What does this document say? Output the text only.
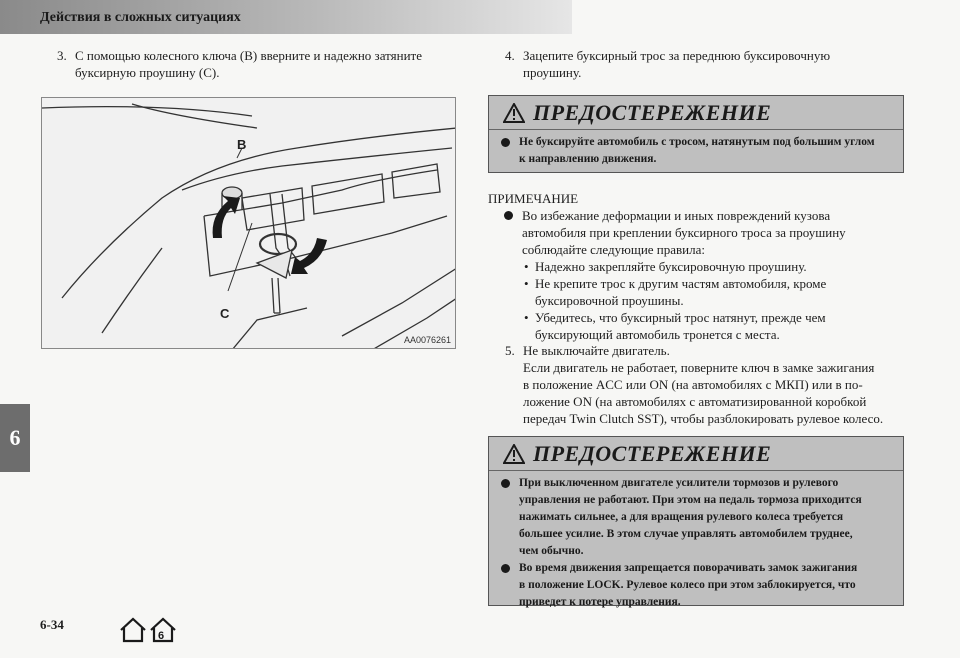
Действия в сложных ситуациях
6
3. С помощью колесного ключа (B) вверните и надежно затяните
буксирную проушину (C).
B
C
AA0076261
4. Зацепите буксирный трос за переднюю буксировочную
проушину.
ПРЕДОСТЕРЕЖЕНИЕ
Не буксируйте автомобиль с тросом, натянутым под большим углом
к направлению движения.
ПРИМЕЧАНИЕ
Во избежание деформации и иных повреждений кузова
автомобиля при креплении буксирного троса за проушину
соблюдайте следующие правила:
• Надежно закрепляйте буксировочную проушину.
• Не крепите трос к другим частям автомобиля, кроме
буксировочной проушины.
• Убедитесь, что буксирный трос натянут, прежде чем
буксирующий автомобиль тронется с места.
5. Не выключайте двигатель.
Если двигатель не работает, поверните ключ в замке зажигания
в положение ACC или ON (на автомобилях с МКП) или в по-
ложение ON (на автомобилях с автоматизированной коробкой
передач Twin Clutch SST), чтобы разблокировать рулевое колесо.
ПРЕДОСТЕРЕЖЕНИЕ
При выключенном двигателе усилители тормозов и рулевого
управления не работают. При этом на педаль тормоза приходится
нажимать сильнее, а для вращения рулевого колеса требуется
большее усилие. В этом случае управлять автомобилем труднее,
чем обычно.
Во время движения запрещается поворачивать замок зажигания
в положение LOCK. Рулевое колесо при этом заблокируется, что
приведет к потере управления.
6-34
6
